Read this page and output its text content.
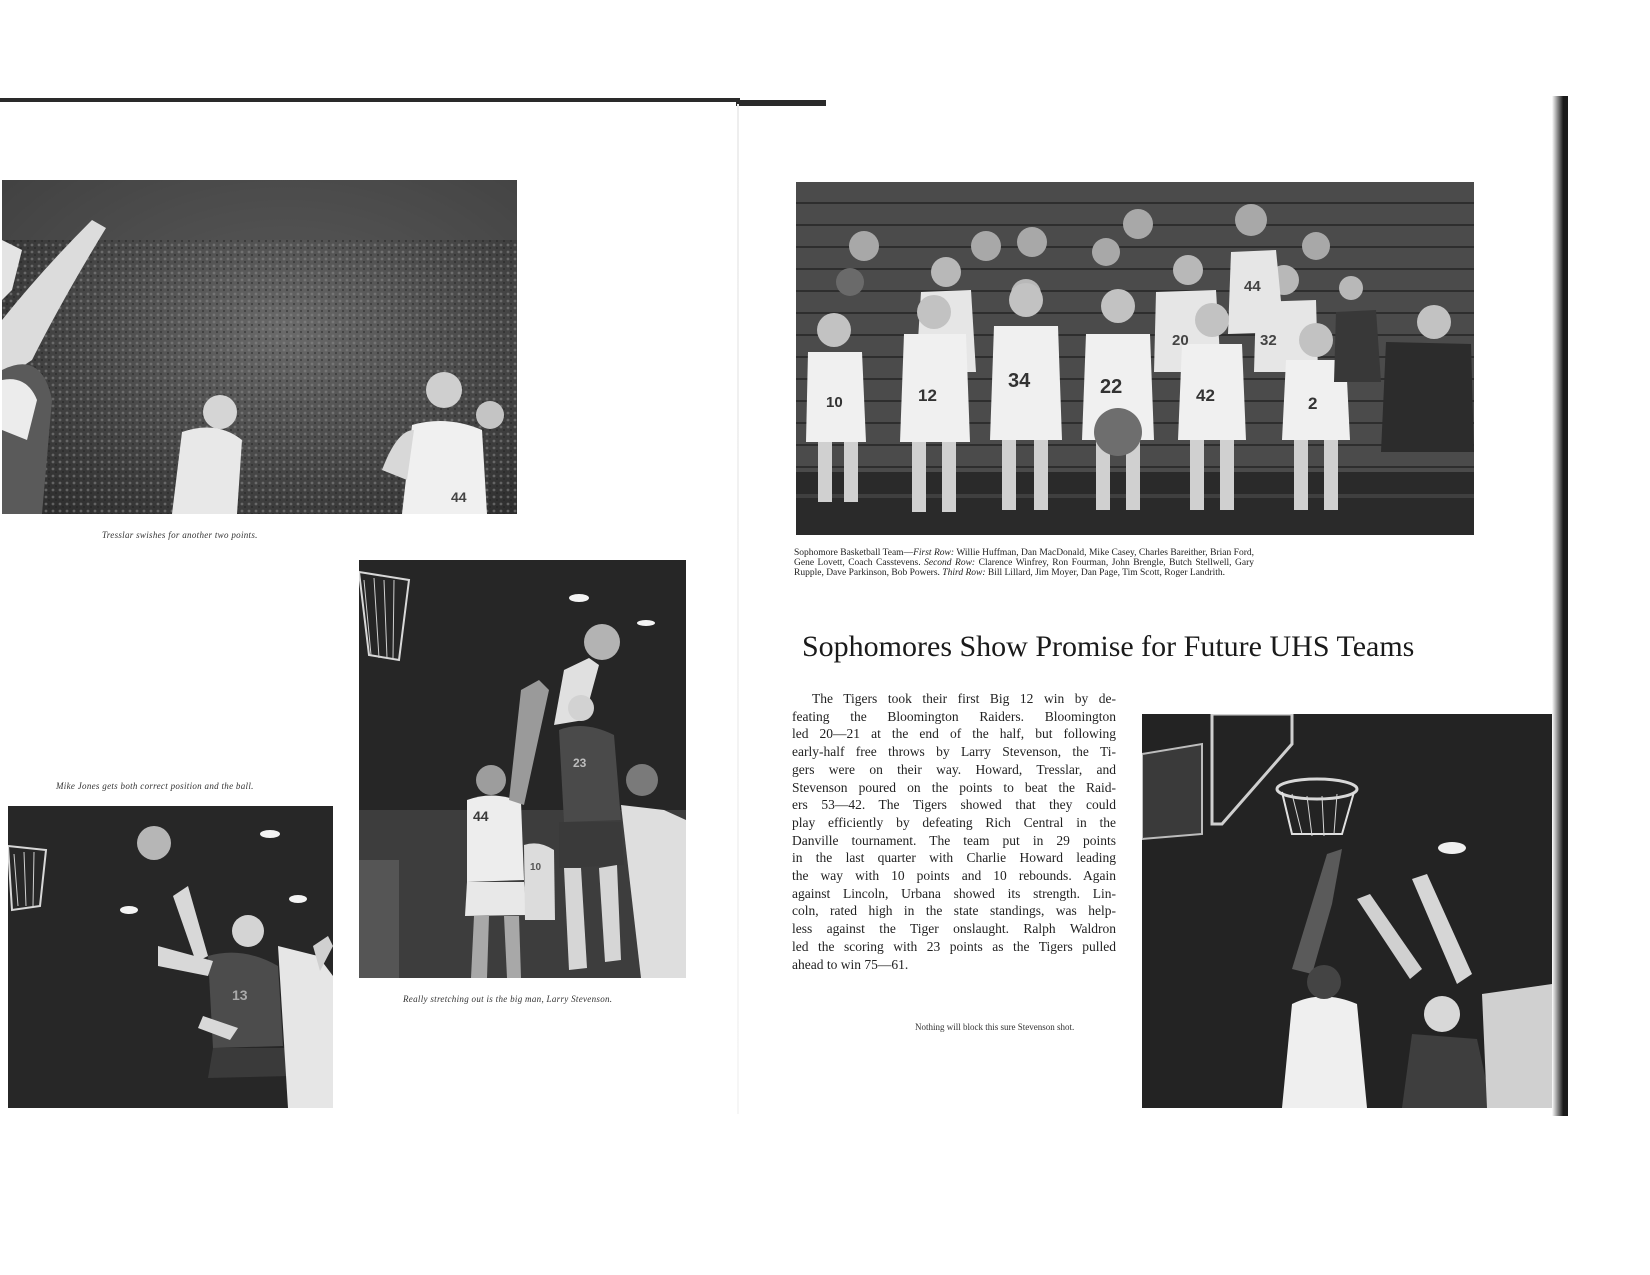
44
Tresslar swishes for another two points.
44
23
10
Really stretching out is the big man, Larry Stevenson.
Mike Jones gets both correct position and the ball.
13
10	12
34	22	42	2
20	32
44
Sophomore Basketball Team—First Row: Willie Huffman, Dan MacDonald, Mike Casey, Charles Bareither, Brian Ford, Gene Lovett, Coach Casstevens. Second Row: Clarence Winfrey, Ron Fourman, John Brengle, Butch Stellwell, Gary Rupple, Dave Parkinson, Bob Powers. Third Row: Bill Lillard, Jim Moyer, Dan Page, Tim Scott, Roger Landrith.
Sophomores Show Promise for Future UHS Teams
The Tigers took their first Big 12 win by de-
feating the Bloomington Raiders. Bloomington
led 20—21 at the end of the half, but following
early-half free throws by Larry Stevenson, the Ti-
gers were on their way. Howard, Tresslar, and
Stevenson poured on the points to beat the Raid-
ers 53—42. The Tigers showed that they could
play efficiently by defeating Rich Central in the
Danville tournament. The team put in 29 points
in the last quarter with Charlie Howard leading
the way with 10 points and 10 rebounds. Again
against Lincoln, Urbana showed its strength. Lin-
coln, rated high in the state standings, was help-
less against the Tiger onslaught. Ralph Waldron
led the scoring with 23 points as the Tigers pulled
ahead to win 75—61.
Nothing will block this sure Stevenson shot.
